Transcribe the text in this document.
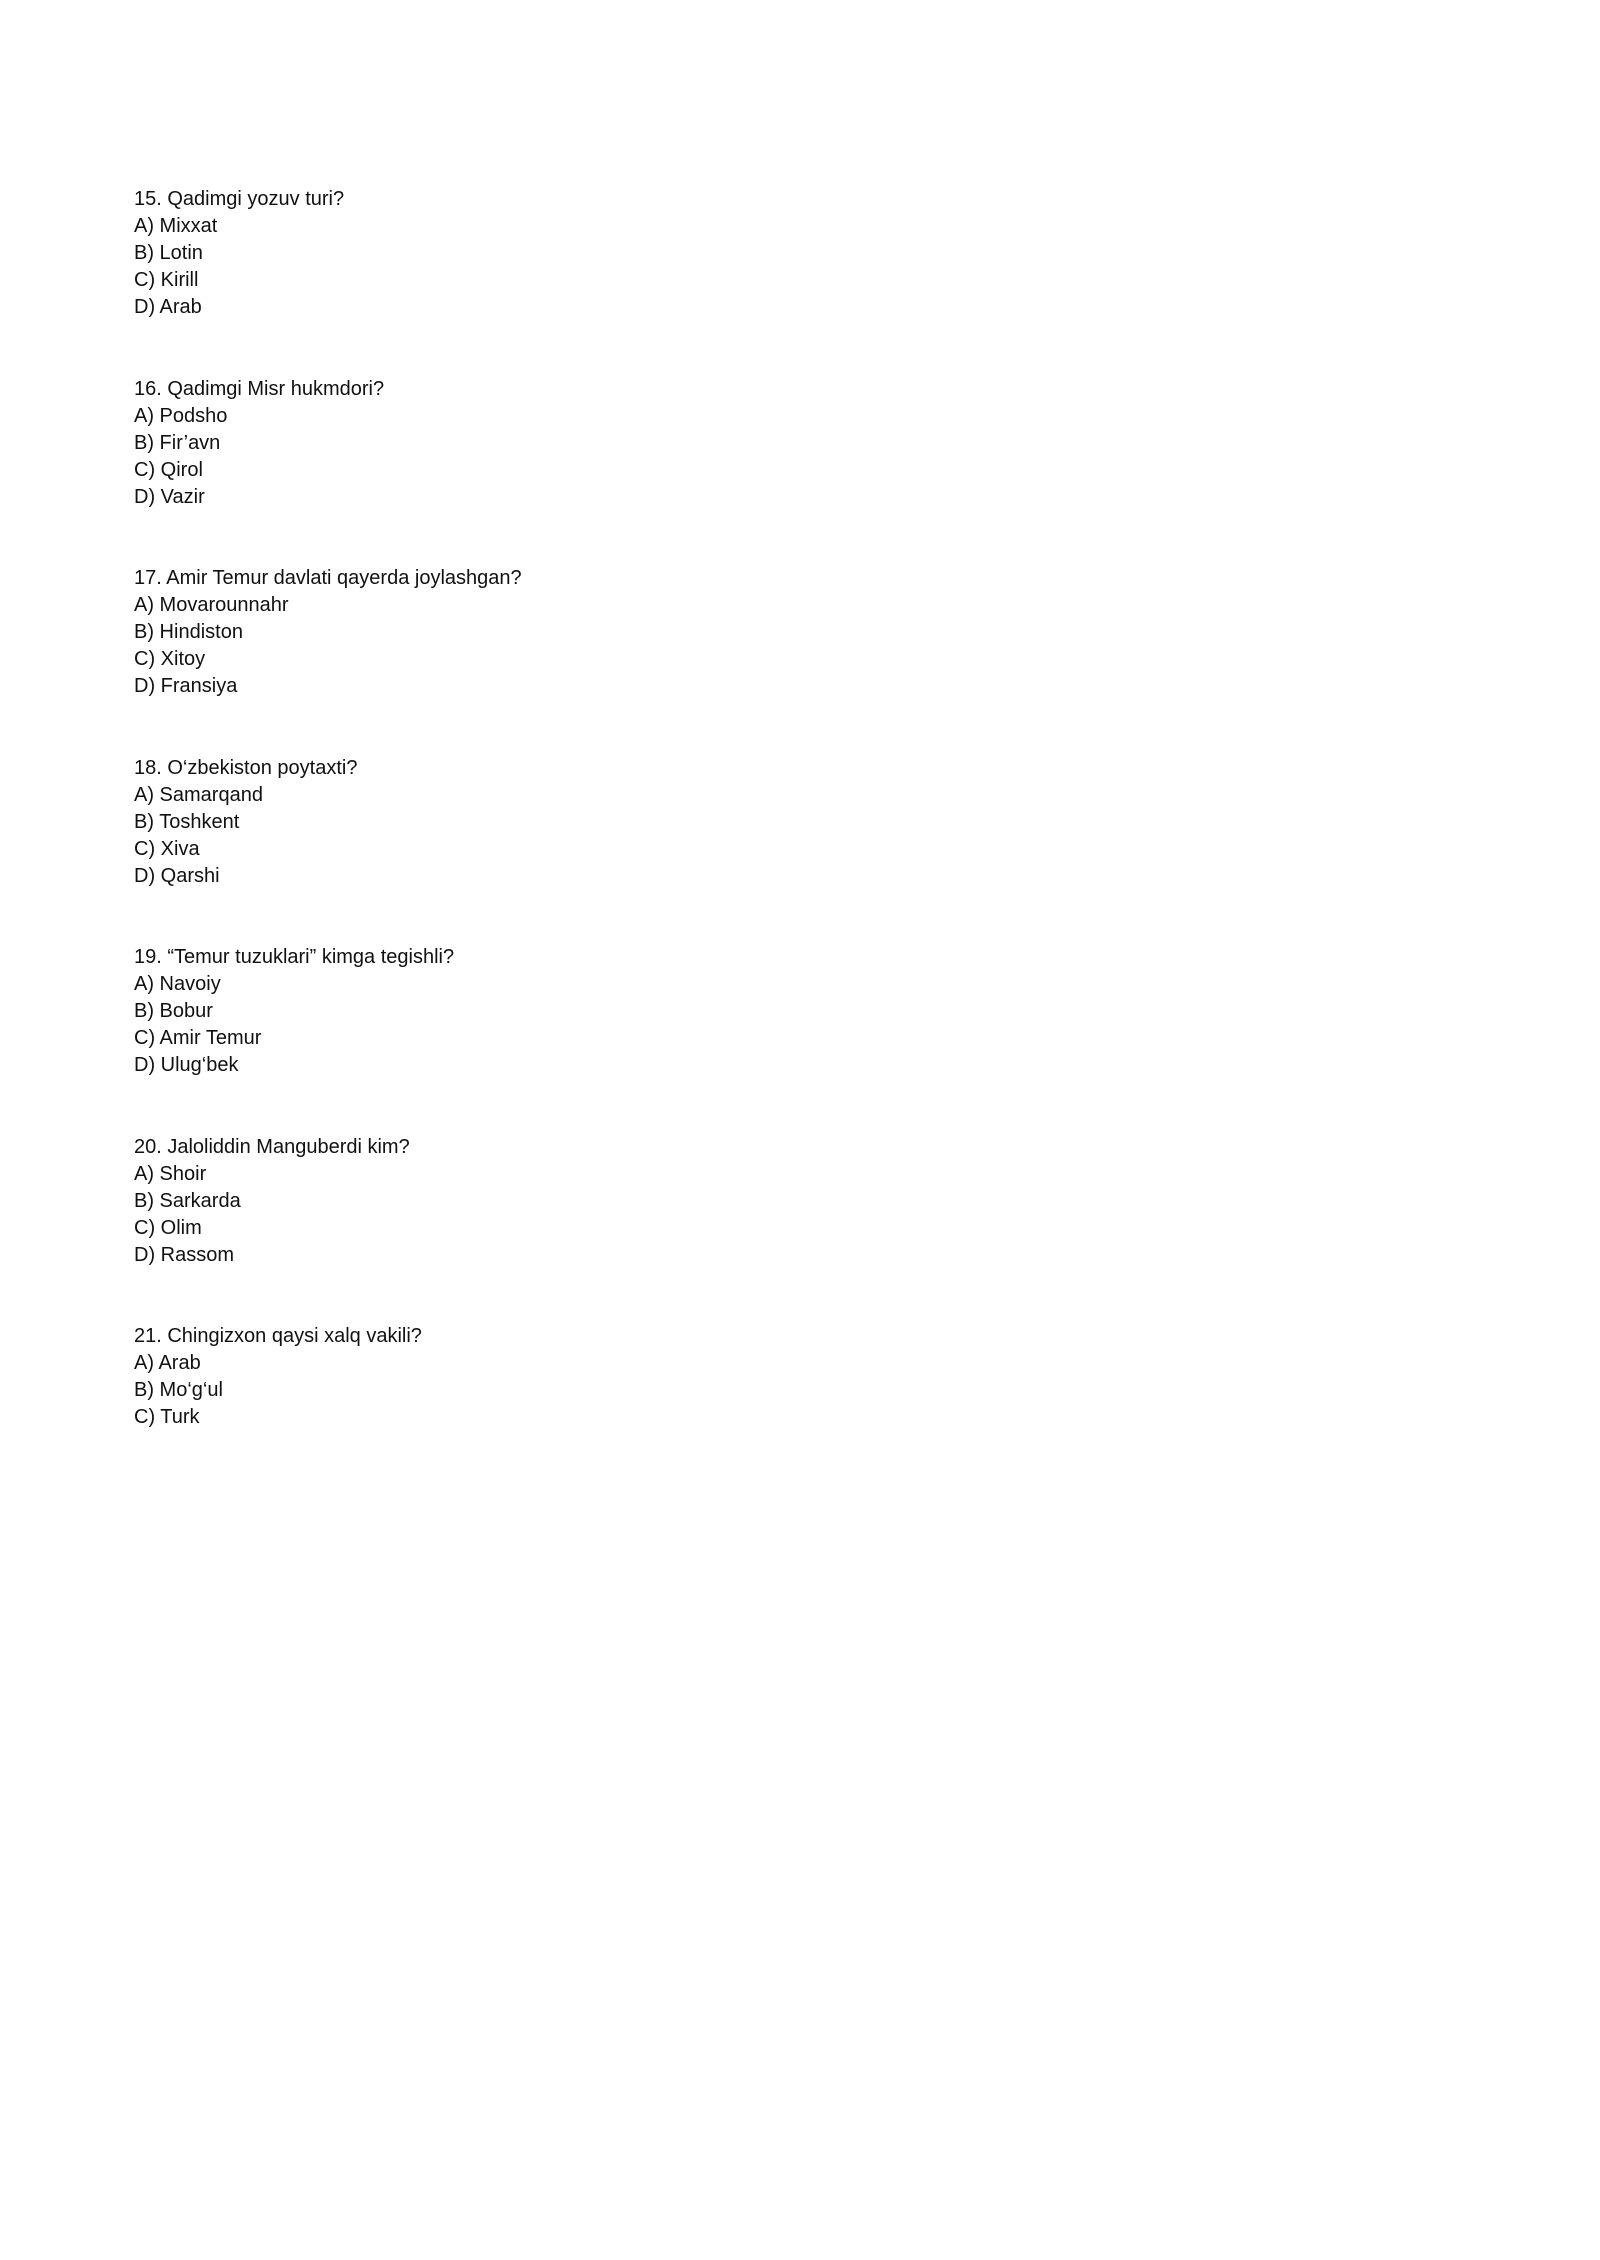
15. Qadimgi yozuv turi?
A) Mixxat
B) Lotin
C) Kirill
D) Arab
16. Qadimgi Misr hukmdori?
A) Podsho
B) Fir’avn
C) Qirol
D) Vazir
17. Amir Temur davlati qayerda joylashgan?
A) Movarounnahr
B) Hindiston
C) Xitoy
D) Fransiya
18. O‘zbekiston poytaxti?
A) Samarqand
B) Toshkent
C) Xiva
D) Qarshi
19. “Temur tuzuklari” kimga tegishli?
A) Navoiy
B) Bobur
C) Amir Temur
D) Ulug‘bek
20. Jaloliddin Manguberdi kim?
A) Shoir
B) Sarkarda
C) Olim
D) Rassom
21. Chingizxon qaysi xalq vakili?
A) Arab
B) Mo‘g‘ul
C) Turk
